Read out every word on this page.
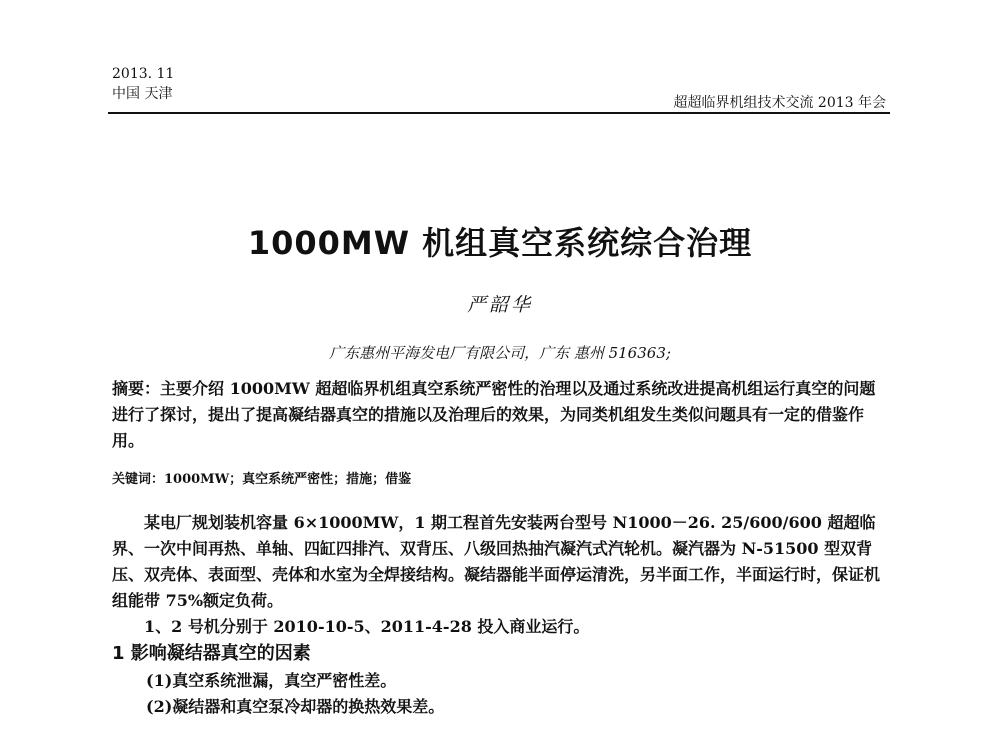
2013. 11
中国 天津
超超临界机组技术交流 2013 年会
1000MW 机组真空系统综合治理
严韶华
广东惠州平海发电厂有限公司，广东 惠州 516363;
摘要：主要介绍 1000MW 超超临界机组真空系统严密性的治理以及通过系统改进提高机组运行真空的问题进行了探讨，提出了提高凝结器真空的措施以及治理后的效果，为同类机组发生类似问题具有一定的借鉴作用。
关键词：1000MW；真空系统严密性；措施；借鉴

某电厂规划装机容量 6×1000MW，1 期工程首先安装两台型号 N1000－26. 25/600/600 超超临界、一次中间再热、单轴、四缸四排汽、双背压、八级回热抽汽凝汽式汽轮机。凝汽器为 N-51500 型双背压、双壳体、表面型、壳体和水室为全焊接结构。凝结器能半面停运清洗，另半面工作，半面运行时，保证机组能带 75%额定负荷。

1、2 号机分别于 2010-10-5、2011-4-28 投入商业运行。

1 影响凝结器真空的因素

(1)真空系统泄漏，真空严密性差。

(2)凝结器和真空泵冷却器的换热效果差。
